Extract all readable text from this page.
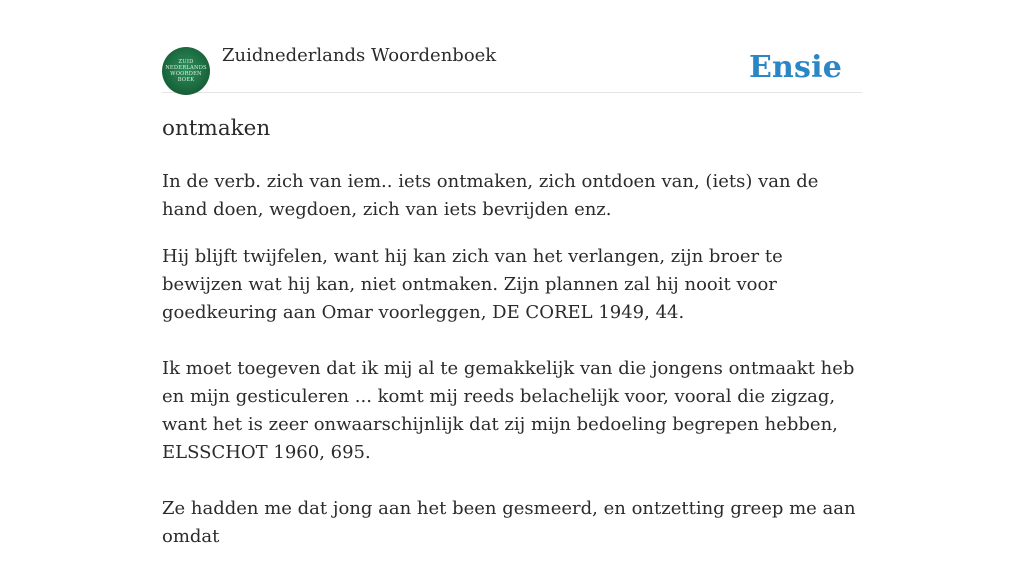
ZUID
NEDERLANDS
WOORDEN
BOEK
Zuidnederlands Woordenboek	Ensie
ontmaken

In de verb. zich van iem.. iets ontmaken, zich ontdoen van, (iets) van de hand doen, wegdoen, zich van iets bevrijden enz.

Hij blijft twijfelen, want hij kan zich van het verlangen, zijn broer te bewijzen wat hij kan, niet ontmaken. Zijn plannen zal hij nooit voor goedkeuring aan Omar voorleggen, DE COREL 1949, 44.

Ik moet toegeven dat ik mij al te gemakkelijk van die jongens ontmaakt heb en mijn gesticuleren ... komt mij reeds belachelijk voor, vooral die zigzag, want het is zeer onwaarschijnlijk dat zij mijn bedoeling begrepen hebben, ELSSCHOT 1960, 695.

Ze hadden me dat jong aan het been gesmeerd, en ontzetting greep me aan omdat
